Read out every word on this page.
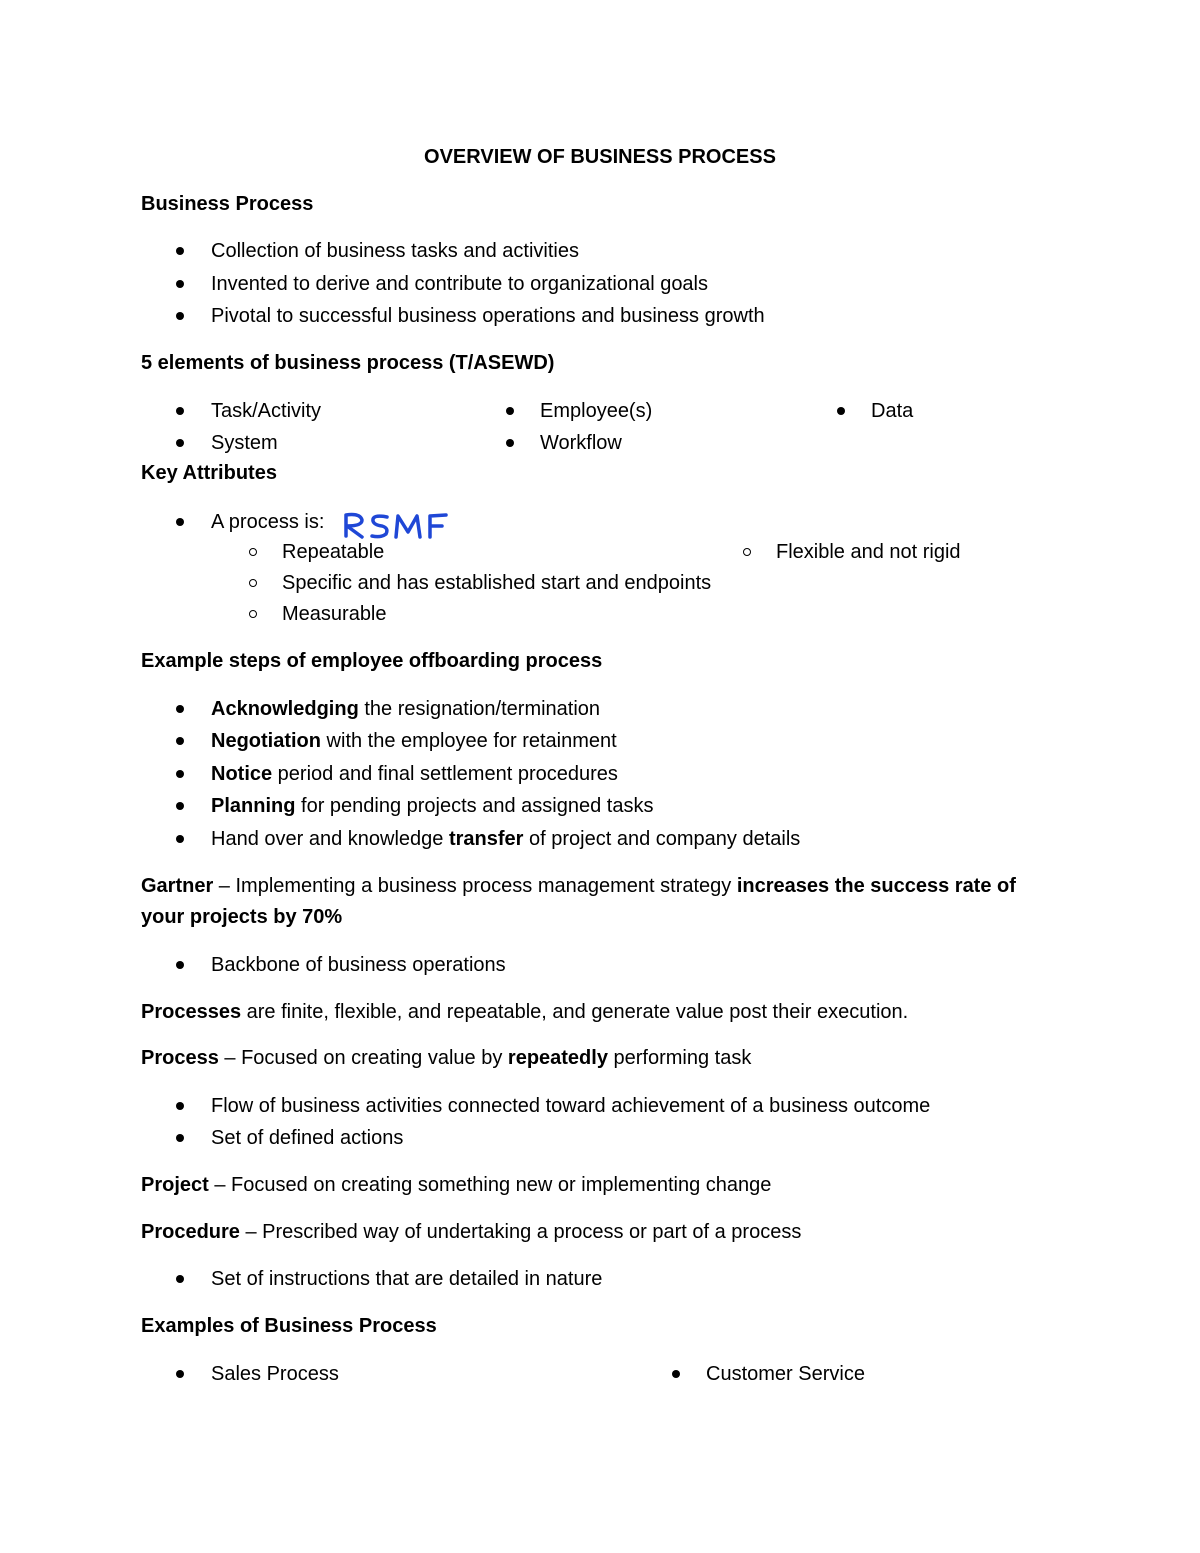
OVERVIEW OF BUSINESS PROCESS

Business Process

Collection of business tasks and activities

Invented to derive and contribute to organizational goals

Pivotal to successful business operations and business growth

5 elements of business process (T/ASEWD)

Task/Activity	Employee(s)	Data

System	Workflow

Key Attributes

A process is:

Repeatable	Flexible and not rigid

Specific and has established start and endpoints

Measurable

Example steps of employee offboarding process

Acknowledging the resignation/termination

Negotiation with the employee for retainment

Notice period and final settlement procedures

Planning for pending projects and assigned tasks

Hand over and knowledge transfer of project and company details

Gartner – Implementing a business process management strategy increases the success rate of

your projects by 70%

Backbone of business operations

Processes are finite, flexible, and repeatable, and generate value post their execution.

Process – Focused on creating value by repeatedly performing task

Flow of business activities connected toward achievement of a business outcome

Set of defined actions

Project – Focused on creating something new or implementing change

Procedure – Prescribed way of undertaking a process or part of a process

Set of instructions that are detailed in nature

Examples of Business Process

Sales Process	Customer Service
